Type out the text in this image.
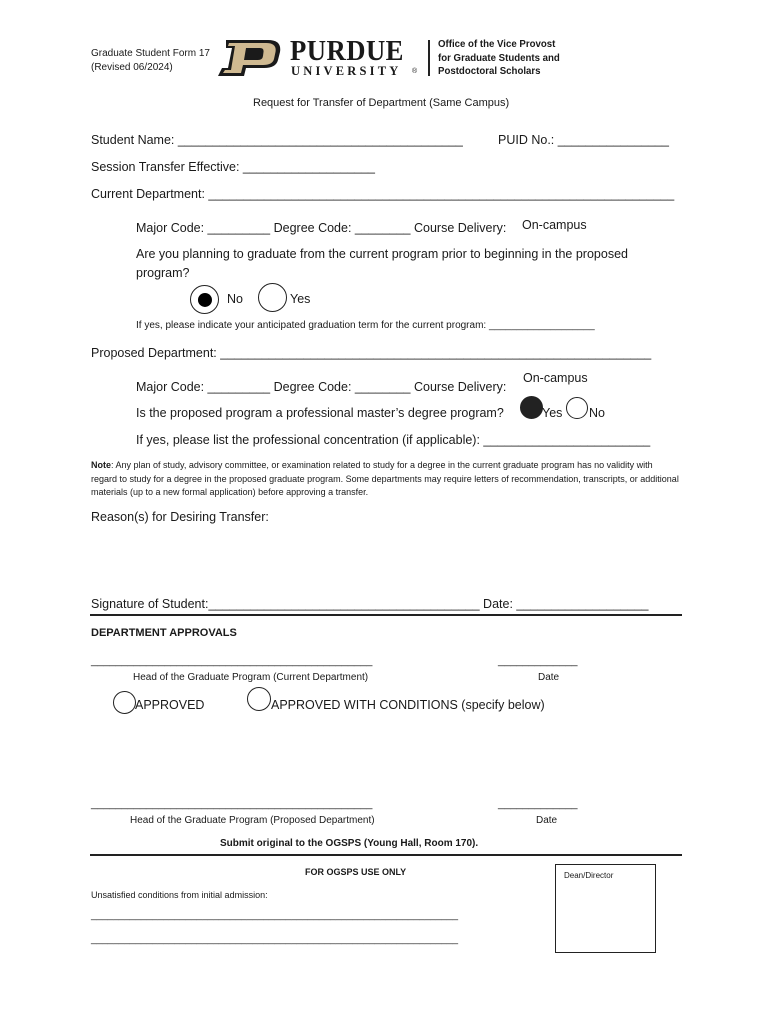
Graduate Student Form 17
(Revised 06/2024)
PURDUE
UNIVERSITY ®
Office of the Vice Provost
for Graduate Students and
Postdoctoral Scholars
Request for Transfer of Department (Same Campus)
Student Name: _________________________________________	PUID No.: ________________
Session Transfer Effective: ___________________
Current Department: ___________________________________________________________________
Major Code: _________ Degree Code: ________ Course Delivery: On-campus
Are you planning to graduate from the current program prior to beginning in the proposed
program?
No	Yes
If yes, please indicate your anticipated graduation term for the current program: ___________________
Proposed Department: ______________________________________________________________
Major Code: _________ Degree Code: ________ Course Delivery:
On-campus
Is the proposed program a professional master’s degree program?	Yes No
If yes, please list the professional concentration (if applicable): ________________________
Note: Any plan of study, advisory committee, or examination related to study for a degree in the current graduate program has no validity with regard to study for a degree in the proposed graduate program. Some departments may require letters of recommendation, transcripts, or additional materials (up to a new formal application) before approving a transfer.
Reason(s) for Desiring Transfer:
Signature of Student:_______________________________________ Date: ___________________
DEPARTMENT APPROVALS
______________________________________________	_____________
Head of the Graduate Program (Current Department)	Date
APPROVED	APPROVED WITH CONDITIONS (specify below)
______________________________________________	_____________
Head of the Graduate Program (Proposed Department)	Date
Submit original to the OGSPS (Young Hall, Room 170).
FOR OGSPS USE ONLY
Unsatisfied conditions from initial admission:
__________________________________________________________________
__________________________________________________________________
Dean/Director
